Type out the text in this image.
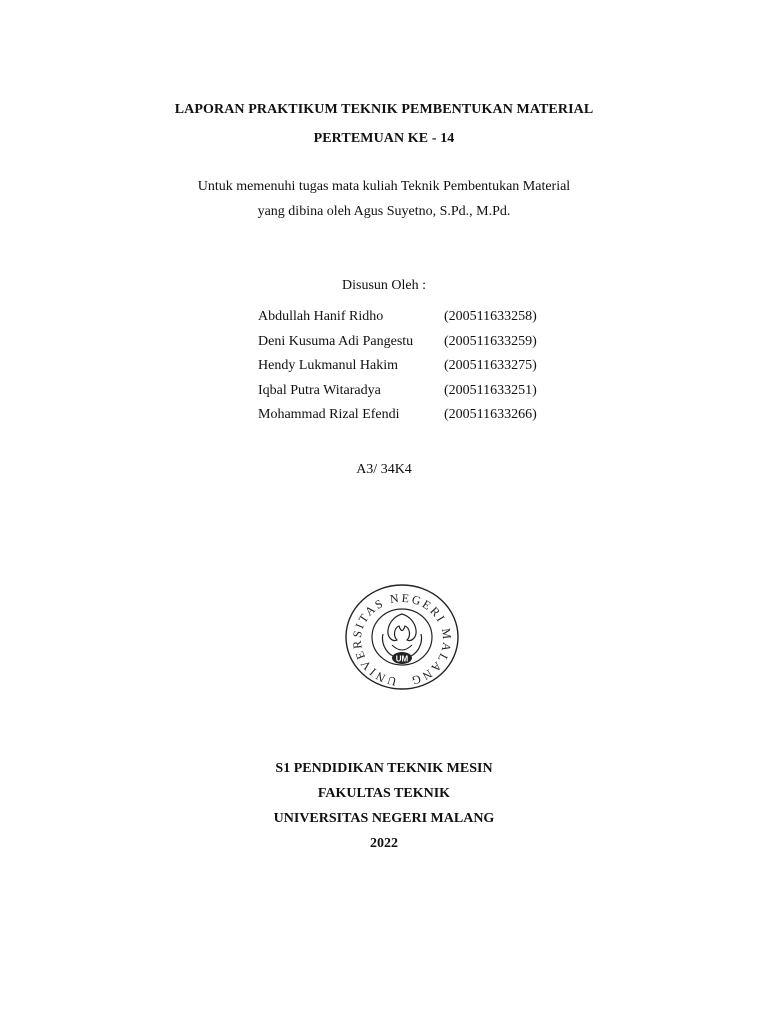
LAPORAN PRAKTIKUM TEKNIK PEMBENTUKAN MATERIAL
PERTEMUAN KE - 14
Untuk memenuhi tugas mata kuliah Teknik Pembentukan Material
yang dibina oleh Agus Suyetno, S.Pd., M.Pd.
Disusun Oleh :
Abdullah Hanif Ridho	(200511633258)
Deni Kusuma Adi Pangestu	(200511633259)
Hendy Lukmanul Hakim	(200511633275)
Iqbal Putra Witaradya	(200511633251)
Mohammad Rizal Efendi	(200511633266)
A3/ 34K4
UNIVERSITAS NEGERI MALANG
UM
S1 PENDIDIKAN TEKNIK MESIN
FAKULTAS TEKNIK
UNIVERSITAS NEGERI MALANG
2022
